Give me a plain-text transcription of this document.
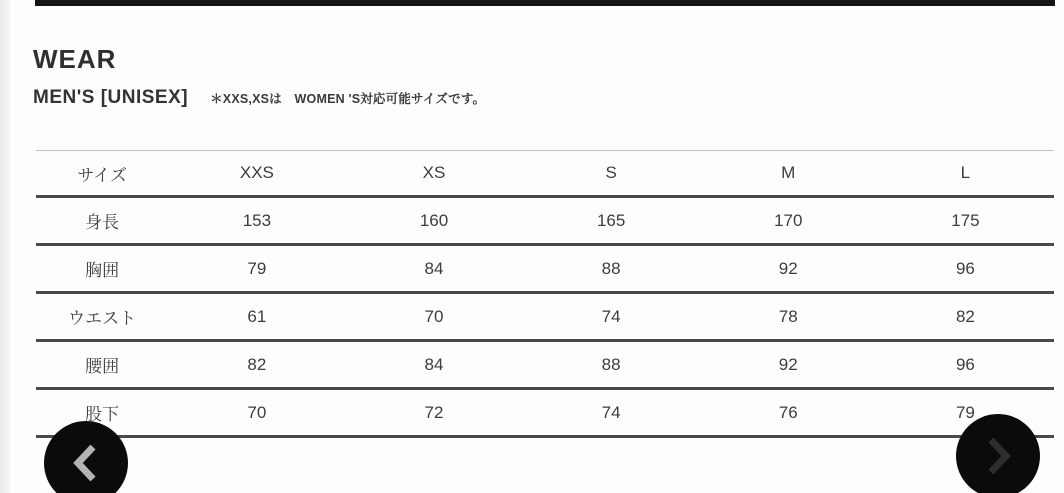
WEAR
MEN'S [UNISEX] ＊XXS,XSは　WOMEN 'S対応可能サイズです。
サイズ	XXS	XS	S	M	L
身長	153	160	165	170	175
胸囲	79	84	88	92	96
ウエスト	61	70	74	78	82
腰囲	82	84	88	92	96
股下	70	72	74	76	79
